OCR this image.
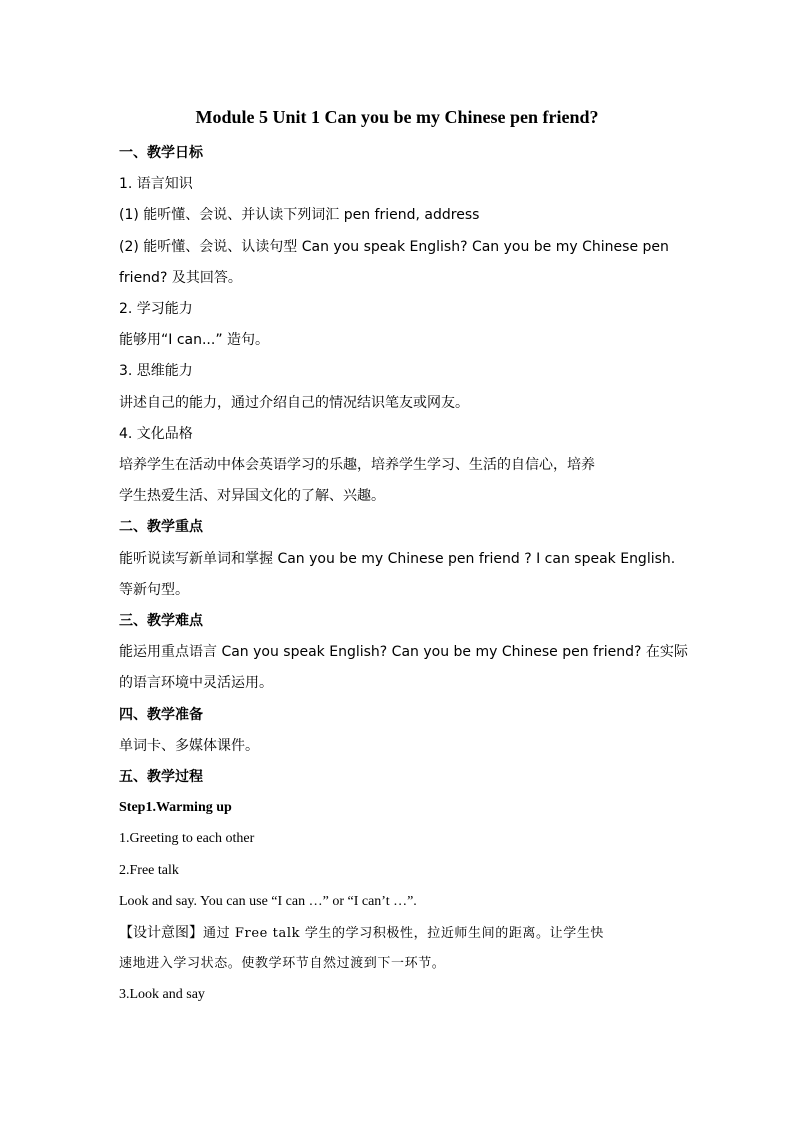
Module 5 Unit 1 Can you be my Chinese pen friend?
一、教学日标
1. 语言知识
(1) 能听懂、会说、并认读下列词汇 pen friend, address
(2) 能听懂、会说、认读句型 Can you speak English? Can you be my Chinese pen
friend? 及其回答。
2. 学习能力
能够用“I can...” 造句。
3. 思维能力
讲述自己的能力，通过介绍自己的情况结识笔友或网友。
4. 文化品格
培养学生在活动中体会英语学习的乐趣，培养学生学习、生活的自信心，培养
学生热爱生活、对异国文化的了解、兴趣。
二、教学重点
能听说读写新单词和掌握 Can you be my Chinese pen friend ? I can speak English.
等新句型。
三、教学难点
能运用重点语言 Can you speak English? Can you be my Chinese pen friend? 在实际
的语言环境中灵活运用。
四、教学准备
单词卡、多媒体课件。
五、教学过程
Step1.Warming up
1.Greeting to each other
2.Free talk
Look and say. You can use “I can …” or “I can’t …”.
【设计意图】通过 Free talk 学生的学习积极性，拉近师生间的距离。让学生快
速地进入学习状态。使教学环节自然过渡到下一环节。
3.Look and say
